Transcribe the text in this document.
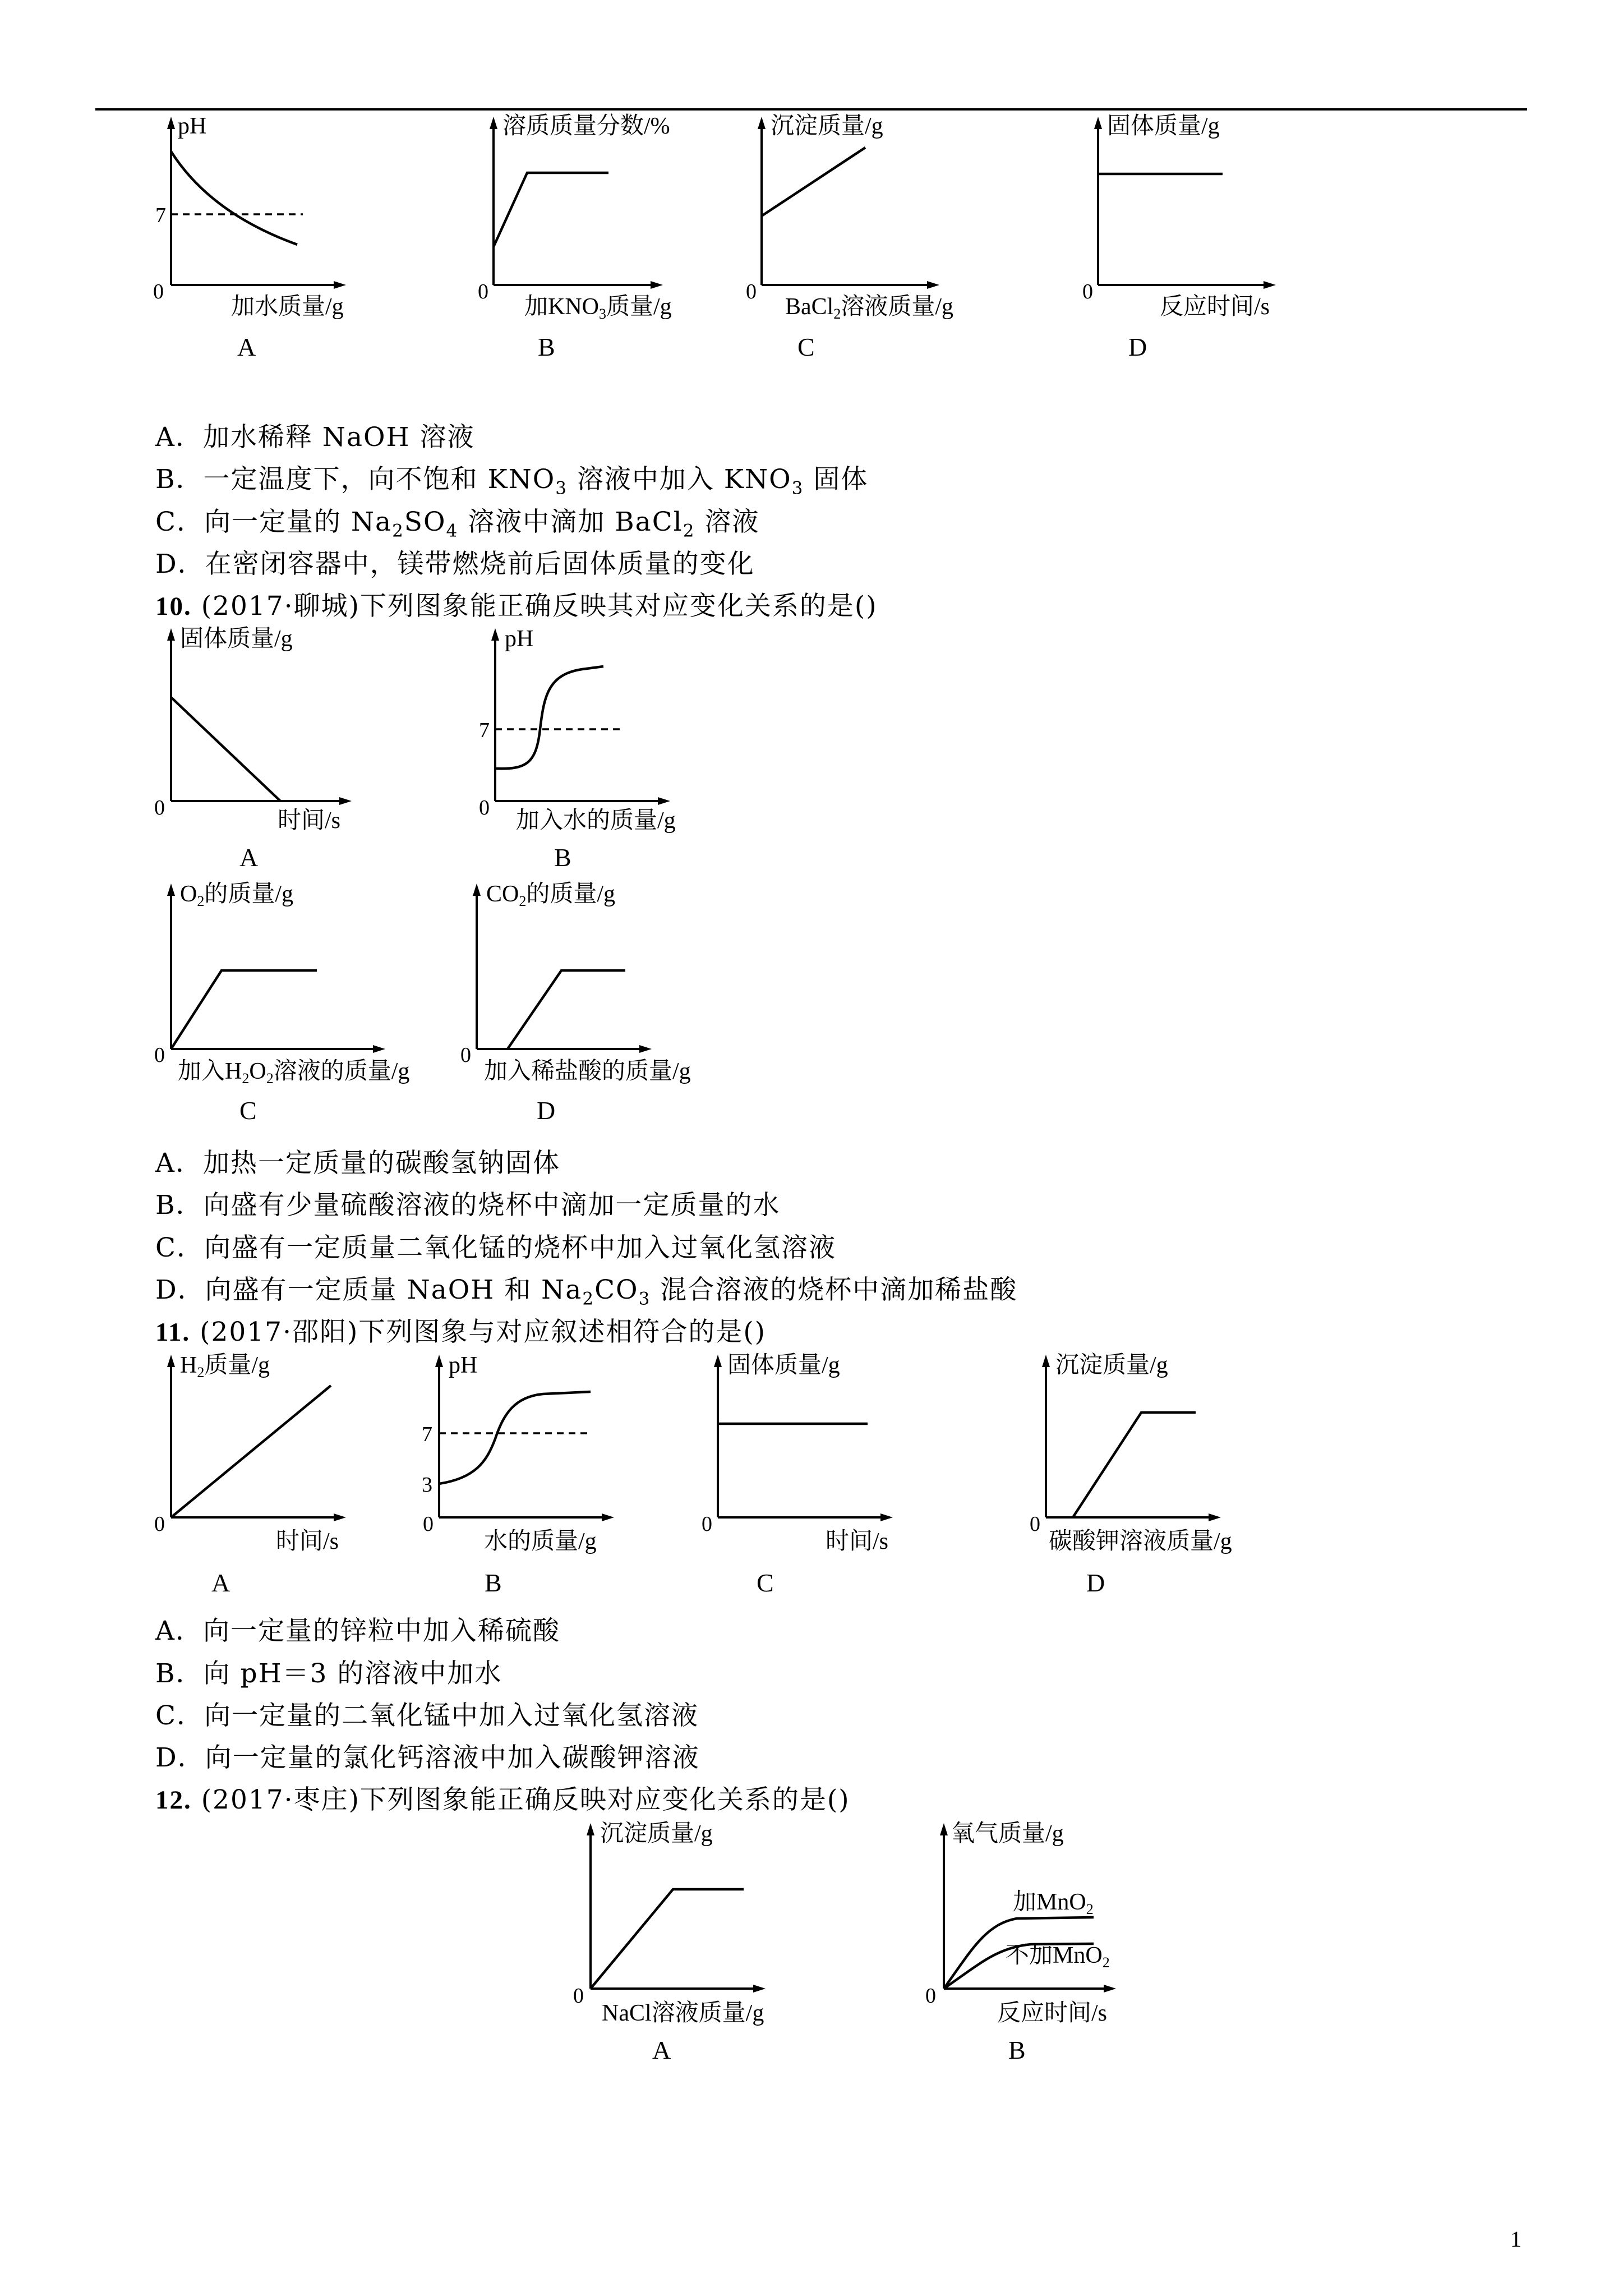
pH
7
0
加水质量/g
A
溶质质量分数/%
0
加KNO3质量/g
B
沉淀质量/g
0
BaCl2溶液质量/g
C
固体质量/g
0
反应时间/s
D
A．加水稀释 NaOH 溶液
B．一定温度下，向不饱和 $KNO_3$ 溶液中加入 $KNO_3$ 固体
C．向一定量的 $Na_2SO_4$ 溶液中滴加 BaCl$_2$ 溶液
D．在密闭容器中，镁带燃烧前后固体质量的变化
10. (2017·聊城)下列图象能正确反映其对应变化关系的是()
固体质量/g
0	时间/s
A
pH
7
0 加入水的质量/g
B
O2的质量/g
0
加入H2O2溶液的质量/g
C
CO2的质量/g
0
加入稀盐酸的质量/g
D
A．加热一定质量的碳酸氢钠固体
B．向盛有少量硫酸溶液的烧杯中滴加一定质量的水
C．向盛有一定质量二氧化锰的烧杯中加入过氧化氢溶液
D．向盛有一定质量 NaOH 和 $Na_2CO_3$ 混合溶液的烧杯中滴加稀盐酸
11. (2017·邵阳)下列图象与对应叙述相符合的是()
H2质量/g
0
时间/s
A
pH
7
3
0
水的质量/g
B
固体质量/g
0
时间/s
C
沉淀质量/g
0
碳酸钾溶液质量/g
D
A．向一定量的锌粒中加入稀硫酸
B．向 pH＝3 的溶液中加水
C．向一定量的二氧化锰中加入过氧化氢溶液
D．向一定量的氯化钙溶液中加入碳酸钾溶液
12. (2017·枣庄)下列图象能正确反映对应变化关系的是()
沉淀质量/g
0
NaCl溶液质量/g
A
氧气质量/g
加MnO2
不加MnO2
0
反应时间/s
B
1
